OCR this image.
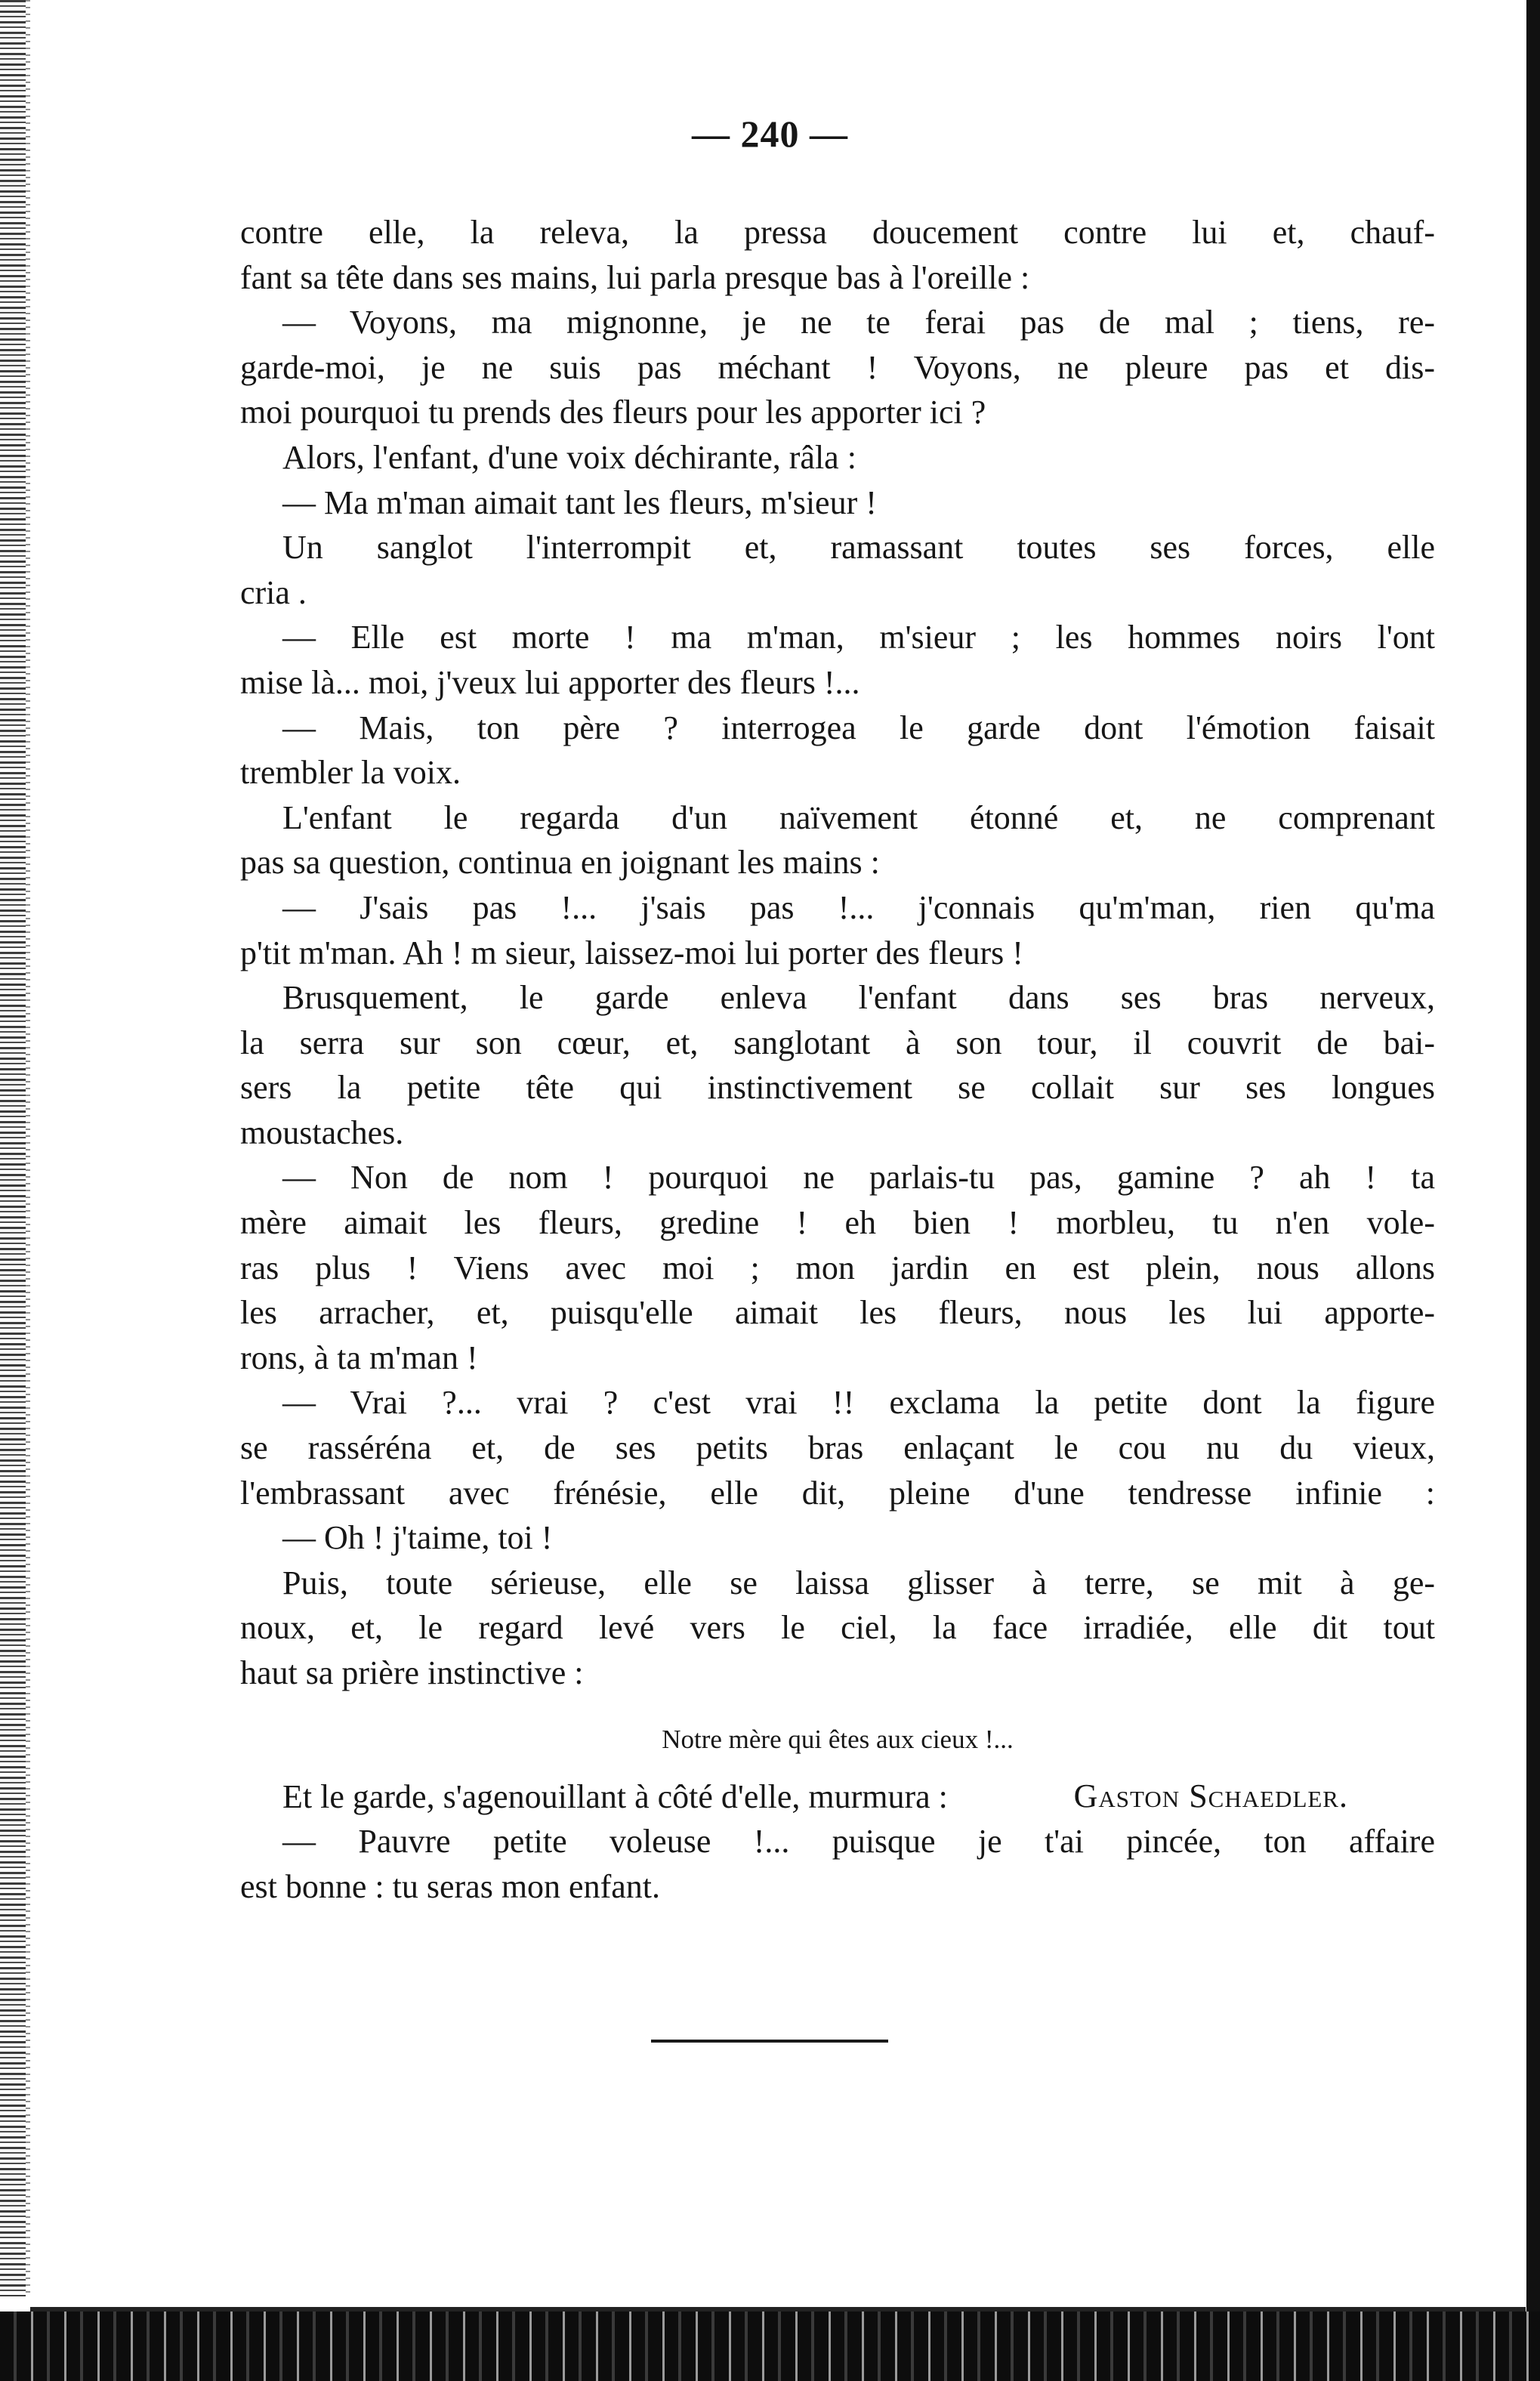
— 240 —
contre elle, la releva, la pressa doucement contre lui et, chauf-
fant sa tête dans ses mains, lui parla presque bas à l'oreille :
— Voyons, ma mignonne, je ne te ferai pas de mal ; tiens, re-
garde-moi, je ne suis pas méchant ! Voyons, ne pleure pas et dis-
moi pourquoi tu prends des fleurs pour les apporter ici ?
Alors, l'enfant, d'une voix déchirante, râla :
— Ma m'man aimait tant les fleurs, m'sieur !
Un sanglot l'interrompit et, ramassant toutes ses forces, elle
cria .
— Elle est morte ! ma m'man, m'sieur ; les hommes noirs l'ont
mise là... moi, j'veux lui apporter des fleurs !...
— Mais, ton père ? interrogea le garde dont l'émotion faisait
trembler la voix.
L'enfant le regarda d'un naïvement étonné et, ne comprenant
pas sa question, continua en joignant les mains :
— J'sais pas !... j'sais pas !... j'connais qu'm'man, rien qu'ma
p'tit m'man. Ah ! m sieur, laissez-moi lui porter des fleurs !
Brusquement, le garde enleva l'enfant dans ses bras nerveux,
la serra sur son cœur, et, sanglotant à son tour, il couvrit de bai-
sers la petite tête qui instinctivement se collait sur ses longues
moustaches.
— Non de nom ! pourquoi ne parlais-tu pas, gamine ? ah ! ta
mère aimait les fleurs, gredine ! eh bien ! morbleu, tu n'en vole-
ras plus ! Viens avec moi ; mon jardin en est plein, nous allons
les arracher, et, puisqu'elle aimait les fleurs, nous les lui apporte-
rons, à ta m'man !
— Vrai ?... vrai ? c'est vrai !! exclama la petite dont la figure
se rasséréna et, de ses petits bras enlaçant le cou nu du vieux,
l'embrassant avec frénésie, elle dit, pleine d'une tendresse infinie :
— Oh ! j'taime, toi !
Puis, toute sérieuse, elle se laissa glisser à terre, se mit à ge-
noux, et, le regard levé vers le ciel, la face irradiée, elle dit tout
haut sa prière instinctive :
Notre mère qui êtes aux cieux !...
Et le garde, s'agenouillant à côté d'elle, murmura :
— Pauvre petite voleuse !... puisque je t'ai pincée, ton affaire
est bonne : tu seras mon enfant.
Gaston Schaedler.
